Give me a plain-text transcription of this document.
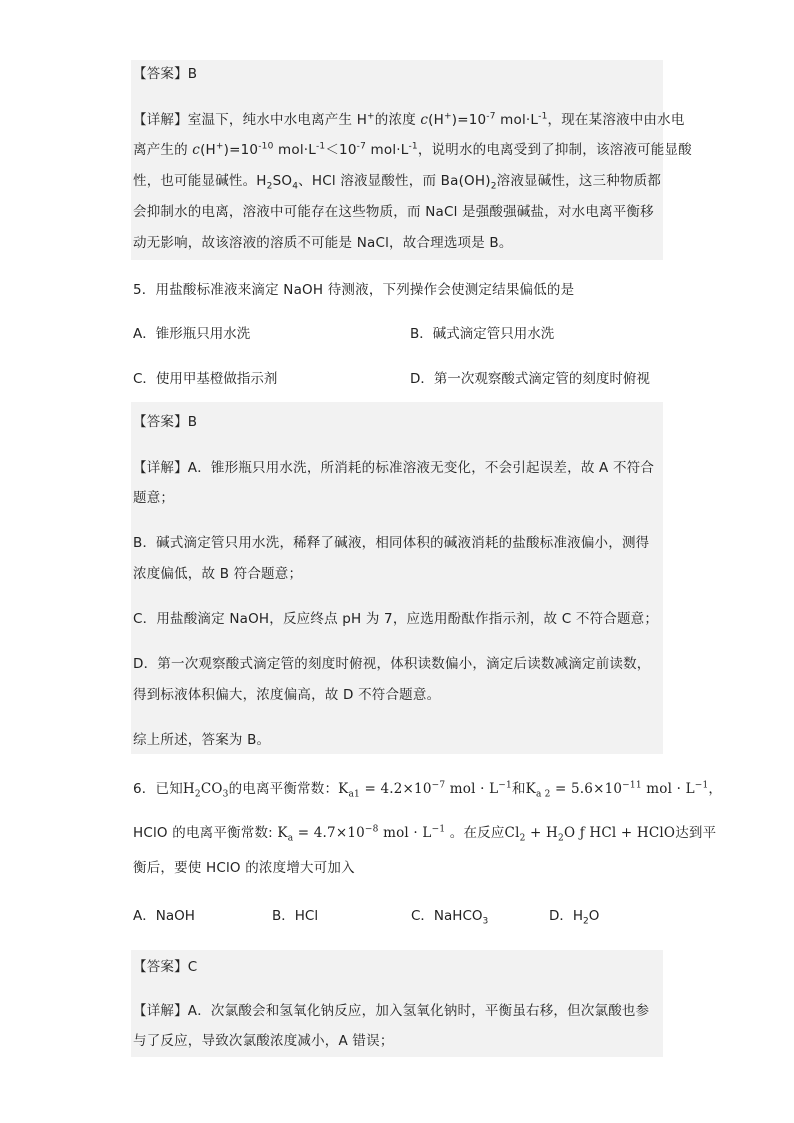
【答案】B
【详解】室温下，纯水中水电离产生 H+的浓度 $c(H^+)=10^{-7}$ $mol\cdot L^{-1}$，现在某溶液中由水电
离产生的 $c(H^+)=10^{-10}$ $mol\cdot L^{-1}<10^{-7}$ $mol\cdot L^{-1}$，说明水的电离受到了抑制，该溶液可能显酸
性，也可能显碱性。$H_2SO_4$、HCl 溶液显酸性，而 $Ba(OH)_2$溶液显碱性，这三种物质都
会抑制水的电离，溶液中可能存在这些物质，而 NaCl 是强酸强碱盐，对水电离平衡移
动无影响，故该溶液的溶质不可能是 NaCl，故合理选项是 B。
5．用盐酸标准液来滴定 NaOH 待测液，下列操作会使测定结果偏低的是
A．锥形瓶只用水洗	B．碱式滴定管只用水洗
C．使用甲基橙做指示剂	D．第一次观察酸式滴定管的刻度时俯视
【答案】B
【详解】A．锥形瓶只用水洗，所消耗的标准溶液无变化，不会引起误差，故 A 不符合
题意；
B．碱式滴定管只用水洗，稀释了碱液，相同体积的碱液消耗的盐酸标准液偏小，测得
浓度偏低，故 B 符合题意；
C．用盐酸滴定 NaOH，反应终点 pH 为 7，应选用酚酞作指示剂，故 C 不符合题意；
D．第一次观察酸式滴定管的刻度时俯视，体积读数偏小，滴定后读数减滴定前读数，
得到标液体积偏大，浓度偏高，故 D 不符合题意。
综上所述，答案为 B。
6．已知$H_2CO_3$的电离平衡常数：$K_{a1} = 4.2\times 10^{-7}$ mol · $L^{-1}$和$K_{a 2} = 5.6\times 10^{-11}$ mol · $L^{-1}$，
HClO 的电离平衡常数: $K_a = 4.7\times 10^{-8}$ mol · $L^{-1}$ 。在反应$Cl_2 + H_2O$ ƒ HCl + HClO达到平
衡后，要使 HClO 的浓度增大可加入
A．NaOH	B．HCl	C．NaHCO$_3$	D．$H_2O$
【答案】C
【详解】A．次氯酸会和氢氧化钠反应，加入氢氧化钠时，平衡虽右移，但次氯酸也参
与了反应，导致次氯酸浓度减小，A 错误；
